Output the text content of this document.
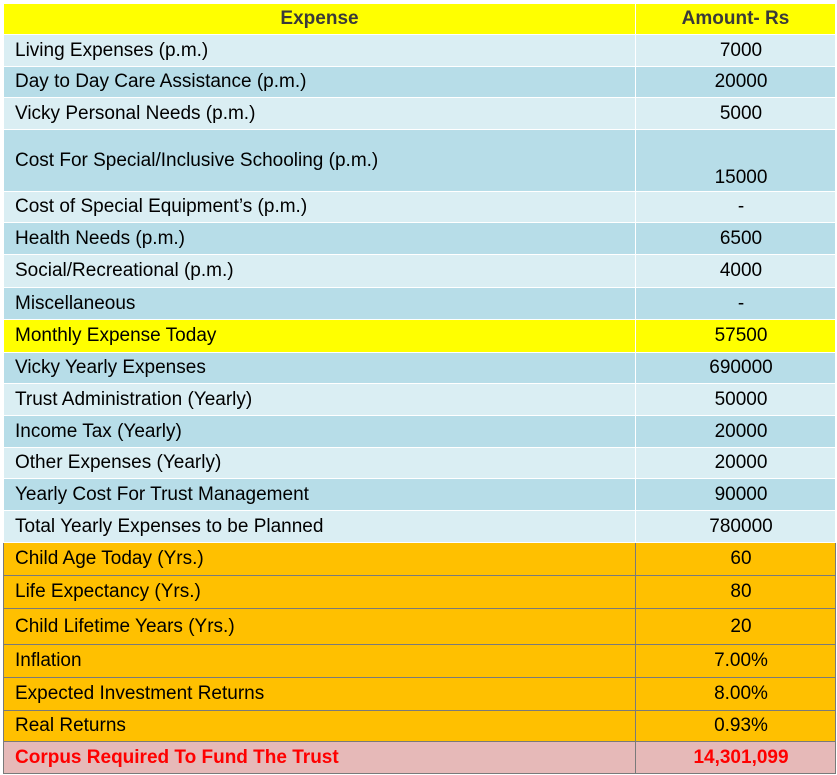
Expense	Amount- Rs
Living Expenses (p.m.)	7000
Day to Day Care Assistance (p.m.)	20000
Vicky Personal Needs (p.m.)	5000
Cost For Special/Inclusive Schooling (p.m.)	15000
Cost of Special Equipment’s (p.m.)	-
Health Needs (p.m.)	6500
Social/Recreational (p.m.)	4000
Miscellaneous	-
Monthly Expense Today	57500
Vicky Yearly Expenses	690000
Trust Administration (Yearly)	50000
Income Tax (Yearly)	20000
Other Expenses (Yearly)	20000
Yearly Cost For Trust Management	90000
Total Yearly Expenses to be Planned	780000
Child Age Today (Yrs.)	60
Life Expectancy (Yrs.)	80
Child Lifetime Years (Yrs.)	20
Inflation	7.00%
Expected Investment Returns	8.00%
Real Returns	0.93%
Corpus Required To Fund The Trust	14,301,099
